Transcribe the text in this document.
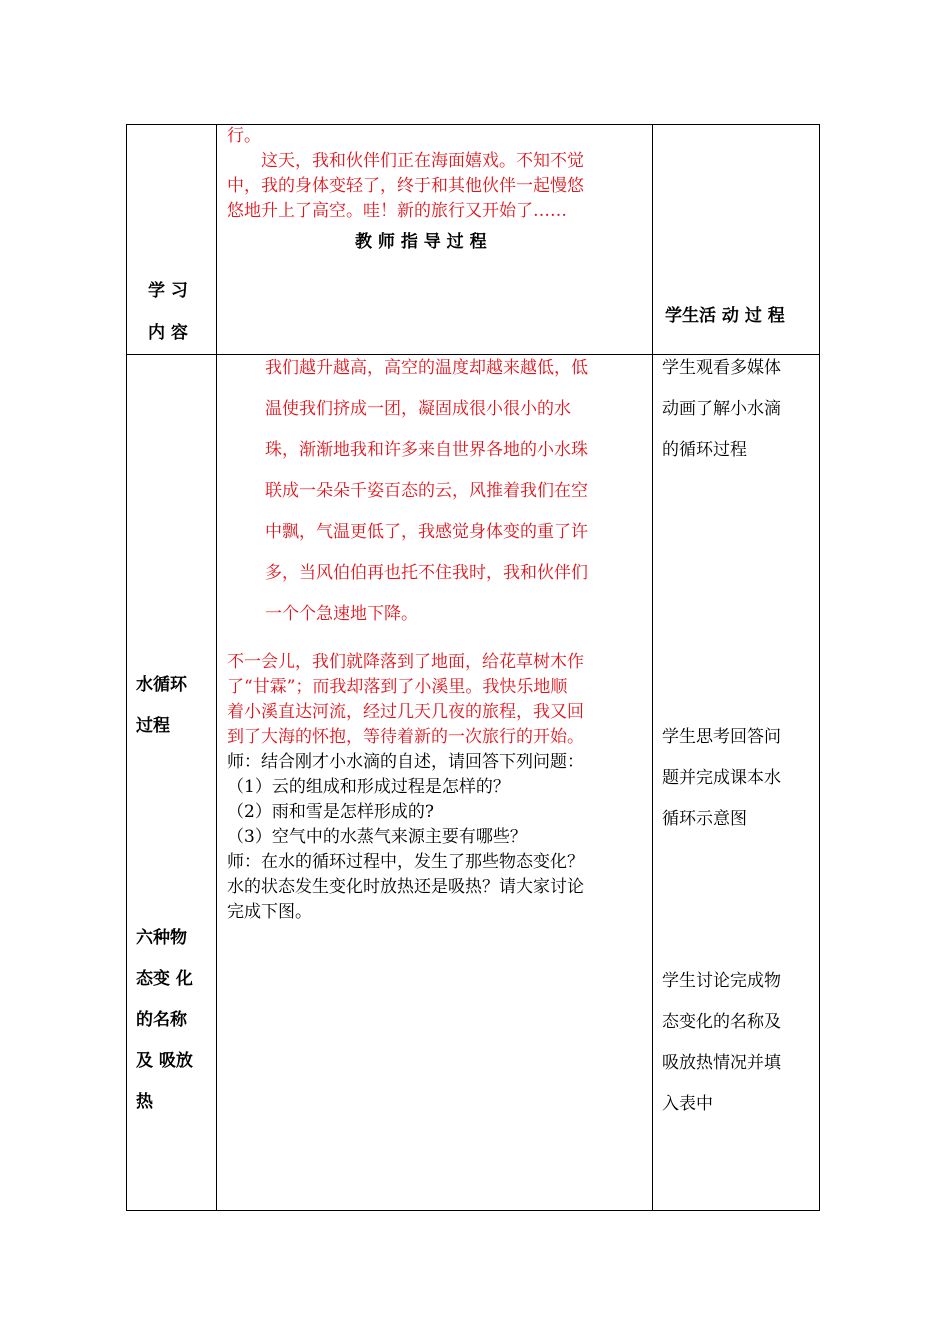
行。
　　这天，我和伙伴们正在海面嬉戏。不知不觉
中，我的身体变轻了，终于和其他伙伴一起慢悠
悠地升上了高空。哇！新的旅行又开始了……
教 师 指 导 过 程
学 习
内 容
学生活 动 过 程
我们越升越高，高空的温度却越来越低，低
温使我们挤成一团，凝固成很小很小的水
珠，渐渐地我和许多来自世界各地的小水珠
联成一朵朵千姿百态的云，风推着我们在空
中飘，气温更低了，我感觉身体变的重了许
多，当风伯伯再也托不住我时，我和伙伴们
一个个急速地下降。
不一会儿，我们就降落到了地面，给花草树木作
了“甘霖”；而我却落到了小溪里。我快乐地顺
着小溪直达河流，经过几天几夜的旅程，我又回
到了大海的怀抱，等待着新的一次旅行的开始。
师：结合刚才小水滴的自述，请回答下列问题：
（1）云的组成和形成过程是怎样的？
（2）雨和雪是怎样形成的?
（3）空气中的水蒸气来源主要有哪些？
师：在水的循环过程中，发生了那些物态变化？
水的状态发生变化时放热还是吸热？请大家讨论
完成下图。
水循环
过程
六种物
态变 化
的名称
及 吸放
热
学生观看多媒体
动画了解小水滴
的循环过程
学生思考回答问
题并完成课本水
循环示意图
学生讨论完成物
态变化的名称及
吸放热情况并填
入表中
